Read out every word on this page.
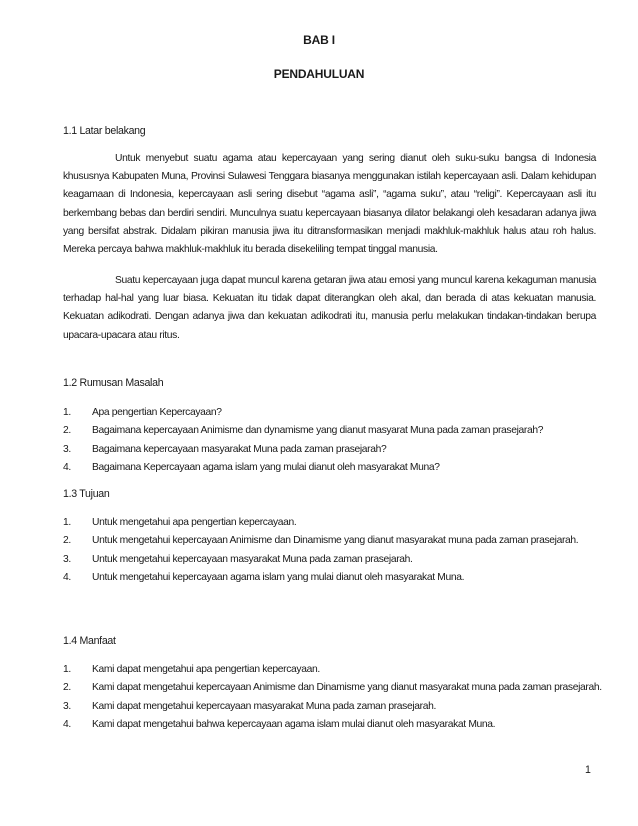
BAB I
PENDAHULUAN
1.1 Latar belakang

Untuk menyebut suatu agama atau kepercayaan yang sering dianut oleh suku-suku bangsa di Indonesia khususnya Kabupaten Muna, Provinsi Sulawesi Tenggara biasanya menggunakan istilah kepercayaan asli. Dalam kehidupan keagamaan di Indonesia, kepercayaan asli sering disebut “agama asli”, “agama suku”, atau “religi”. Kepercayaan asli itu berkembang bebas dan berdiri sendiri. Munculnya suatu kepercayaan biasanya dilator belakangi oleh kesadaran adanya jiwa yang bersifat abstrak. Didalam pikiran manusia jiwa itu ditransformasikan menjadi makhluk-makhluk halus atau roh halus. Mereka percaya bahwa makhluk-makhluk itu berada disekeliling tempat tinggal manusia.

Suatu kepercayaan juga dapat muncul karena getaran jiwa atau emosi yang muncul karena kekaguman manusia terhadap hal-hal yang luar biasa. Kekuatan itu tidak dapat diterangkan oleh akal, dan berada di atas kekuatan manusia. Kekuatan adikodrati. Dengan adanya jiwa dan kekuatan adikodrati itu, manusia perlu melakukan tindakan-tindakan berupa upacara-upacara atau ritus.

1.2 Rumusan Masalah
1. Apa pengertian Kepercayaan?
2. Bagaimana kepercayaan Animisme dan dynamisme yang dianut masyarat Muna pada zaman prasejarah?
3. Bagaimana kepercayaan masyarakat Muna pada zaman prasejarah?
4. Bagaimana Kepercayaan agama islam yang mulai dianut oleh masyarakat Muna?
1.3 Tujuan
1. Untuk mengetahui apa pengertian kepercayaan.
2. Untuk mengetahui kepercayaan Animisme dan Dinamisme yang dianut masyarakat muna pada zaman prasejarah.
3. Untuk mengetahui kepercayaan masyarakat Muna pada zaman prasejarah.
4. Untuk mengetahui kepercayaan agama islam yang mulai dianut oleh masyarakat Muna.
1.4 Manfaat
1. Kami dapat mengetahui apa pengertian kepercayaan.
2. Kami dapat mengetahui kepercayaan Animisme dan Dinamisme yang dianut masyarakat muna pada zaman prasejarah.
3. Kami dapat mengetahui kepercayaan masyarakat Muna pada zaman prasejarah.
4. Kami dapat mengetahui bahwa kepercayaan agama islam mulai dianut oleh masyarakat Muna.
1
